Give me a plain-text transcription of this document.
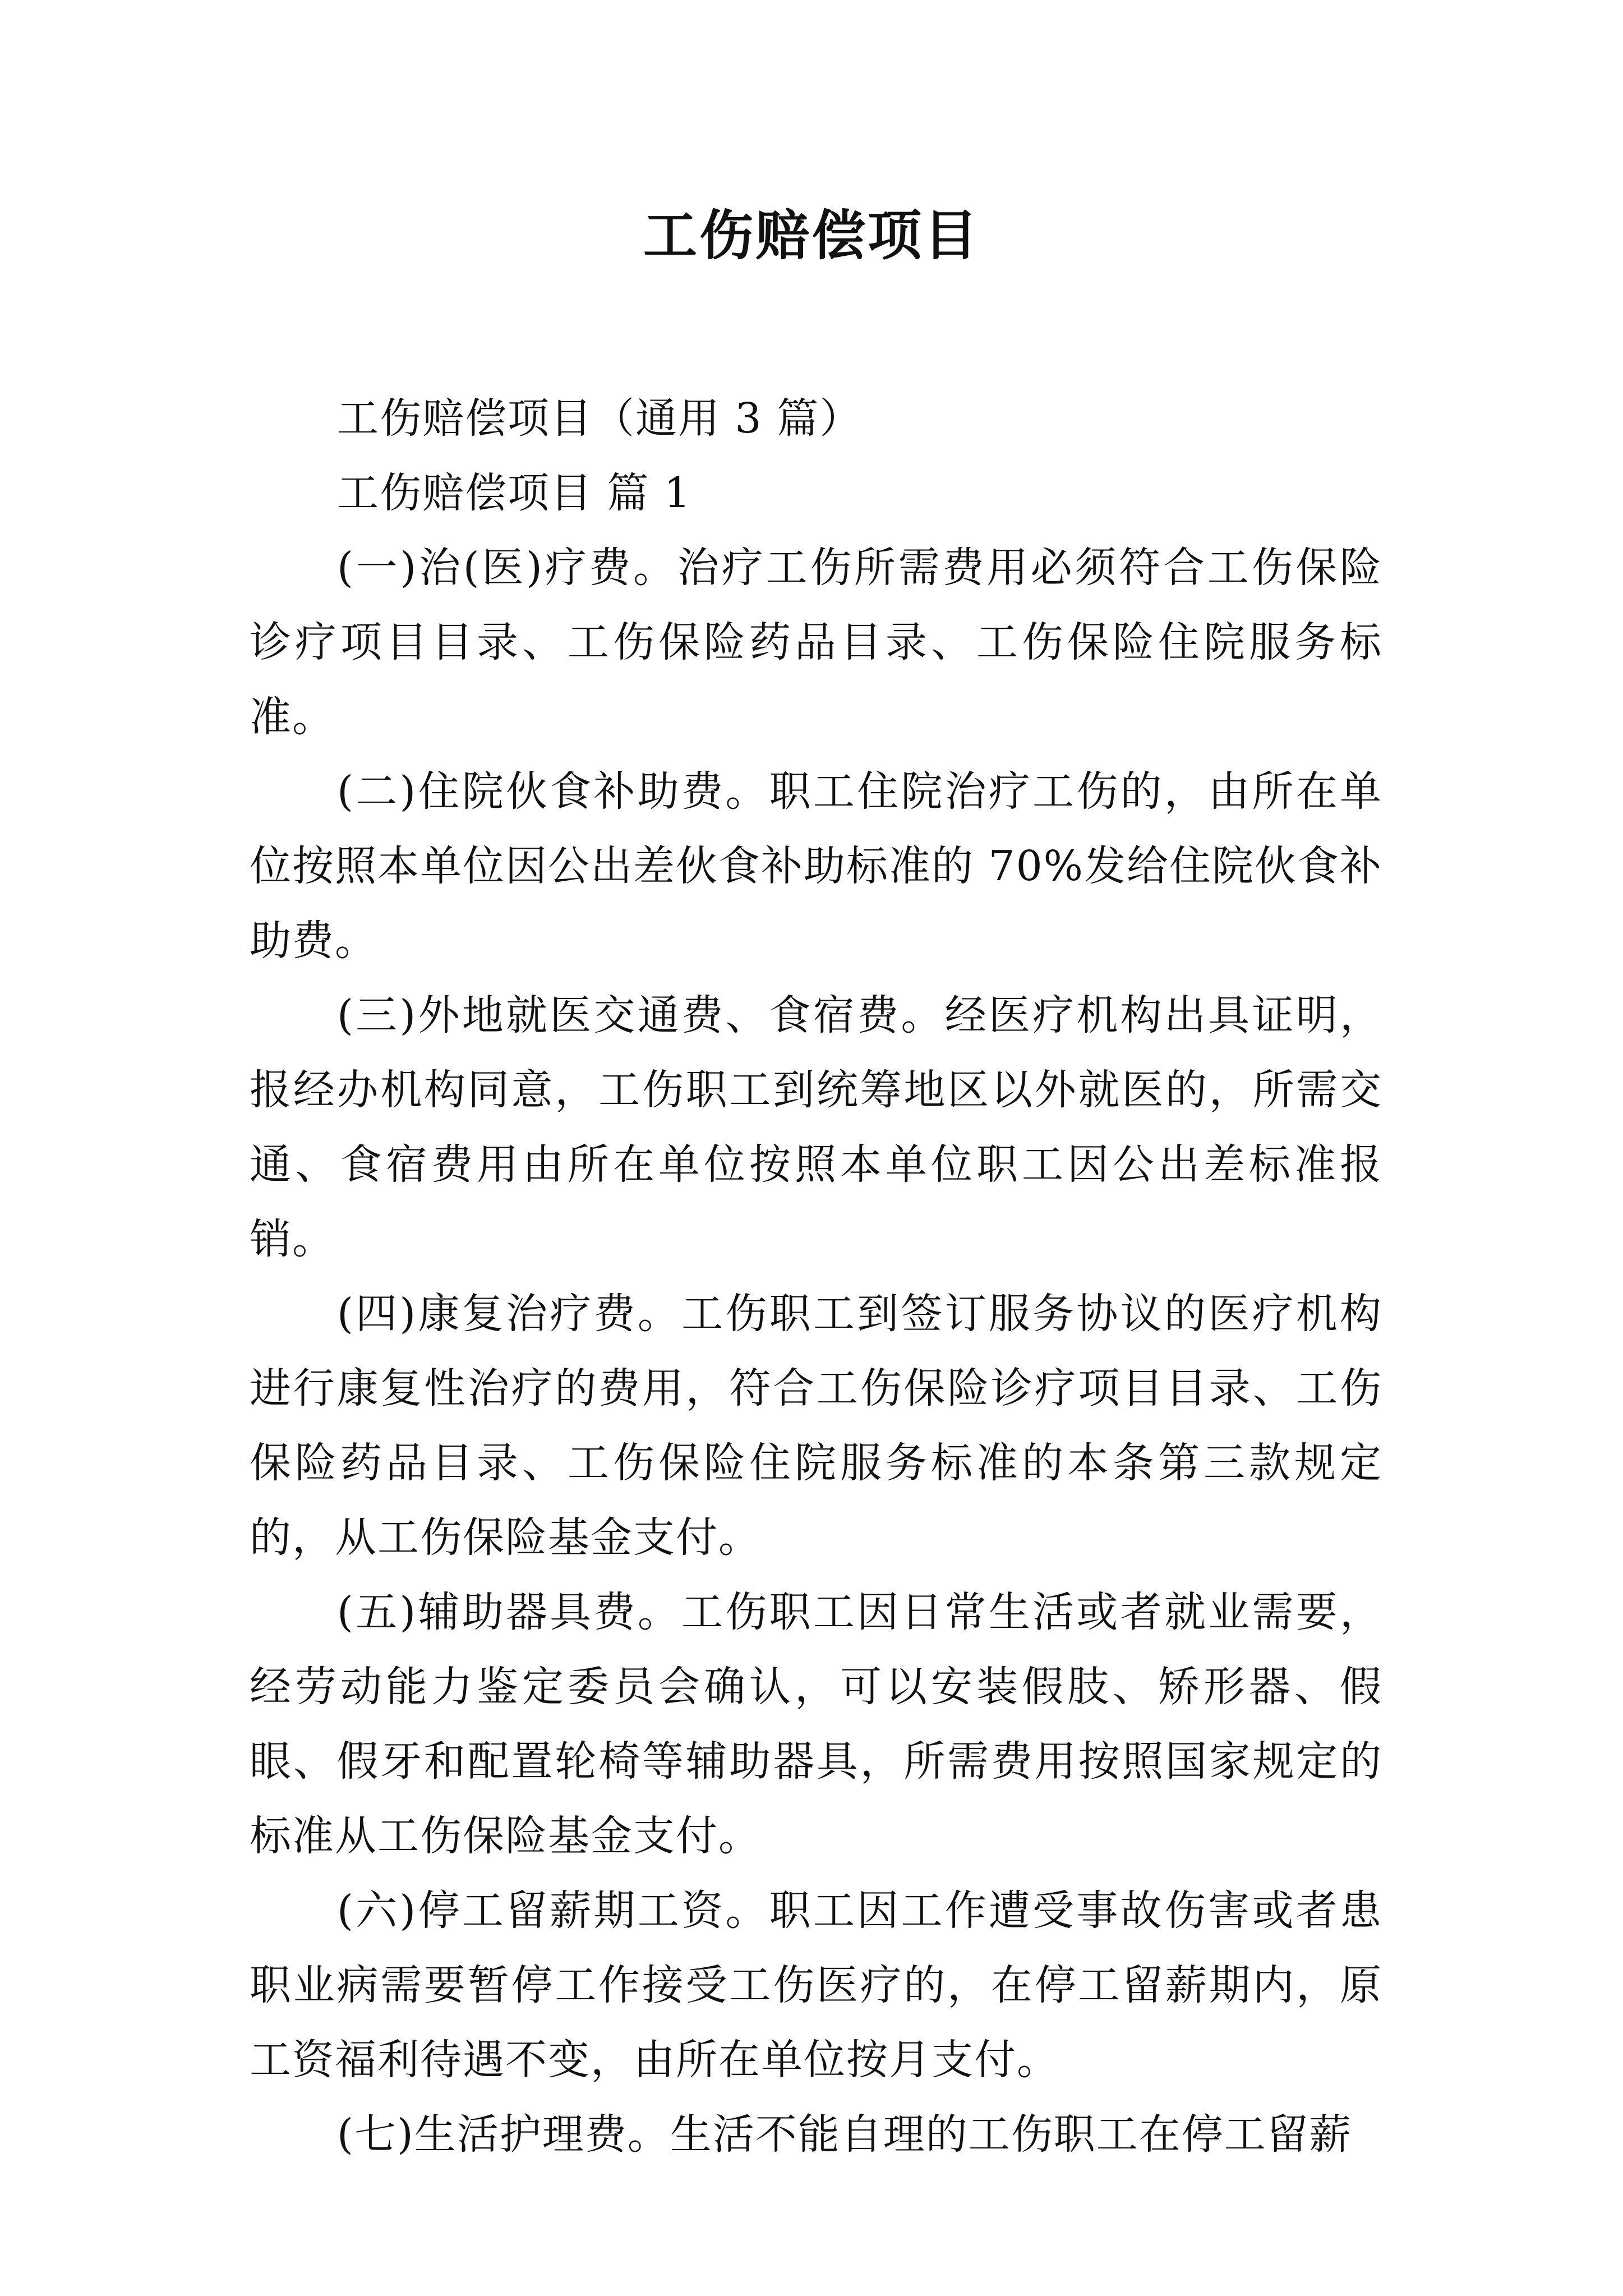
工伤赔偿项目

工伤赔偿项目（通用 3 篇）

工伤赔偿项目 篇 1

(一)治(医)疗费。治疗工伤所需费用必须符合工伤保险诊疗项目目录、工伤保险药品目录、工伤保险住院服务标准。

(二)住院伙食补助费。职工住院治疗工伤的，由所在单位按照本单位因公出差伙食补助标准的 70%发给住院伙食补助费。

(三)外地就医交通费、食宿费。经医疗机构出具证明，报经办机构同意，工伤职工到统筹地区以外就医的，所需交通、食宿费用由所在单位按照本单位职工因公出差标准报销。

(四)康复治疗费。工伤职工到签订服务协议的医疗机构进行康复性治疗的费用，符合工伤保险诊疗项目目录、工伤保险药品目录、工伤保险住院服务标准的本条第三款规定的，从工伤保险基金支付。

(五)辅助器具费。工伤职工因日常生活或者就业需要，经劳动能力鉴定委员会确认，可以安装假肢、矫形器、假眼、假牙和配置轮椅等辅助器具，所需费用按照国家规定的标准从工伤保险基金支付。

(六)停工留薪期工资。职工因工作遭受事故伤害或者患职业病需要暂停工作接受工伤医疗的，在停工留薪期内，原工资福利待遇不变，由所在单位按月支付。

(七)生活护理费。生活不能自理的工伤职工在停工留薪
